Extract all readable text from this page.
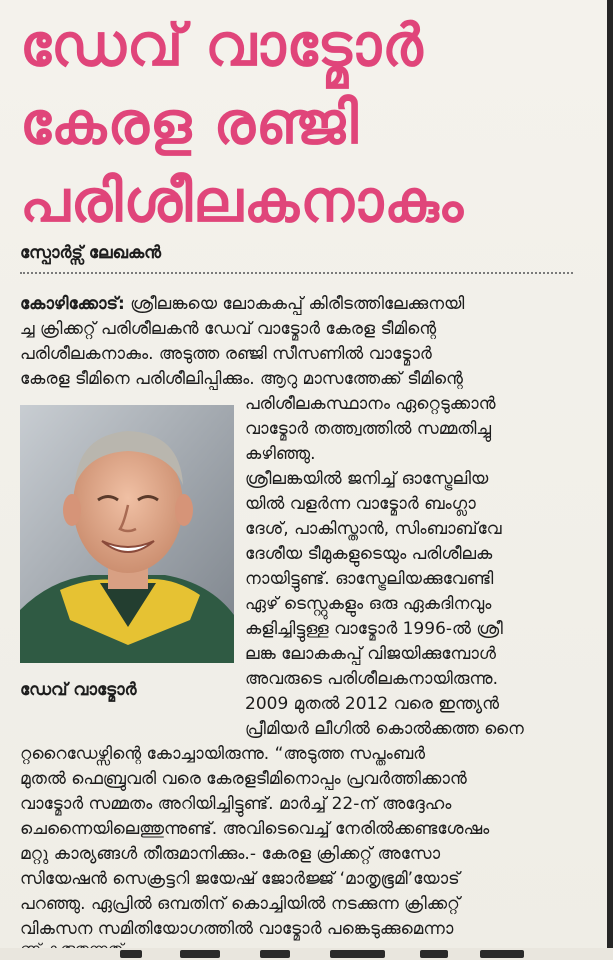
ഡേവ് വാട്മോർ
കേരള രഞ്ജി
പരിശീലകനാകും
സ്പോർട്സ് ലേഖകൻ
കോഴിക്കോട്: ശ്രീലങ്കയെ ലോകകപ്പ് കിരീടത്തിലേക്കുനയി
ച്ച ക്രിക്കറ്റ് പരിശീലകൻ ഡേവ് വാട്മോർ കേരള ടീമിന്റെ
പരിശീലകനാകും. അടുത്ത രഞ്ജി സീസണിൽ വാട്മോർ
കേരള ടീമിനെ പരിശീലിപ്പിക്കും. ആറു മാസത്തേക്ക് ടീമിന്റെ
പരിശീലകസ്ഥാനം ഏറ്റെടുക്കാൻ
വാട്മോർ തത്ത്വത്തിൽ സമ്മതിച്ചു
കഴിഞ്ഞു.
ശ്രീലങ്കയിൽ ജനിച്ച് ഓസ്ട്രേലിയ
യിൽ വളർന്ന വാട്മോർ ബംഗ്ലാ
ദേശ്, പാകിസ്താൻ, സിംബാബ്‌വേ
ദേശീയ ടീമുകളുടെയും പരിശീലക
നായിട്ടുണ്ട്. ഓസ്ട്രേലിയക്കുവേണ്ടി
ഏഴ് ടെസ്റ്റുകളും ഒരു ഏകദിനവും
കളിച്ചിട്ടുള്ള വാട്മോർ 1996-ൽ ശ്രീ
ലങ്ക ലോകകപ്പ് വിജയിക്കുമ്പോൾ
അവരുടെ പരിശീലകനായിരുന്നു.
2009 മുതൽ 2012 വരെ ഇന്ത്യൻ
പ്രീമിയർ ലീഗിൽ കൊൽക്കത്ത നൈ
റ്ററൈഡേഴ്സിന്റെ കോച്ചായിരുന്നു. “അടുത്ത സപ്തംബർ
മുതൽ ഫെബ്രുവരി വരെ കേരളടീമിനൊപ്പം പ്രവർത്തിക്കാൻ
വാട്മോർ സമ്മതം അറിയിച്ചിട്ടുണ്ട്. മാർച്ച് 22-ന് അദ്ദേഹം
ചെന്നൈയിലെത്തുന്നുണ്ട്. അവിടെവെച്ച് നേരിൽക്കണ്ടശേഷം
മറ്റു കാര്യങ്ങൾ തീരുമാനിക്കും.- കേരള ക്രിക്കറ്റ് അസോ
സിയേഷൻ സെക്രട്ടറി ജയേഷ് ജോർജ്ജ് ‘മാതൃഭൂമി’യോട്
പറഞ്ഞു. ഏപ്രിൽ ഒമ്പതിന് കൊച്ചിയിൽ നടക്കുന്ന ക്രിക്കറ്റ്
വികസന സമിതിയോഗത്തിൽ വാട്മോർ പങ്കെടുക്കുമെന്നാ
ഡേവ് വാട്മോർ
